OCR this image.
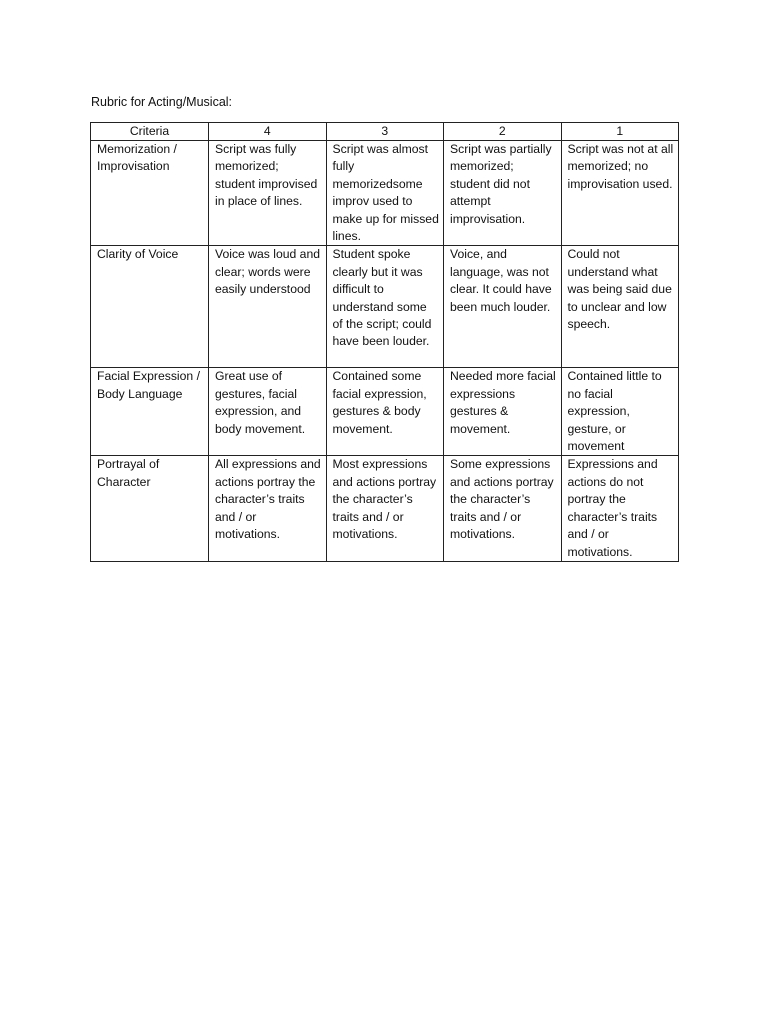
Rubric for Acting/Musical:
Criteria	4	3	2	1

Memorization / Improvisation	Script was fully memorized; student improvised in place of lines.	Script was almost fully memorizedsome improv used to make up for missed lines.	Script was partially memorized; student did not attempt improvisation.	Script was not at all memorized; no improvisation used.

Clarity of Voice	Voice was loud and clear; words were easily understood	Student spoke clearly but it was difficult to understand some of the script; could have been louder.	Voice, and language, was not clear. It could have been much louder.	Could not understand what was being said due to unclear and low speech.

Facial Expression / Body Language	Great use of gestures, facial expression, and body movement.	Contained some facial expression, gestures & body movement.	Needed more facial expressions gestures & movement.	Contained little to no facial expression, gesture, or movement

Portrayal of Character	All expressions and actions portray the character’s traits and / or motivations.	Most expressions and actions portray the character’s traits and / or motivations.	Some expressions and actions portray the character’s traits and / or motivations.	Expressions and actions do not portray the character’s traits and / or motivations.
